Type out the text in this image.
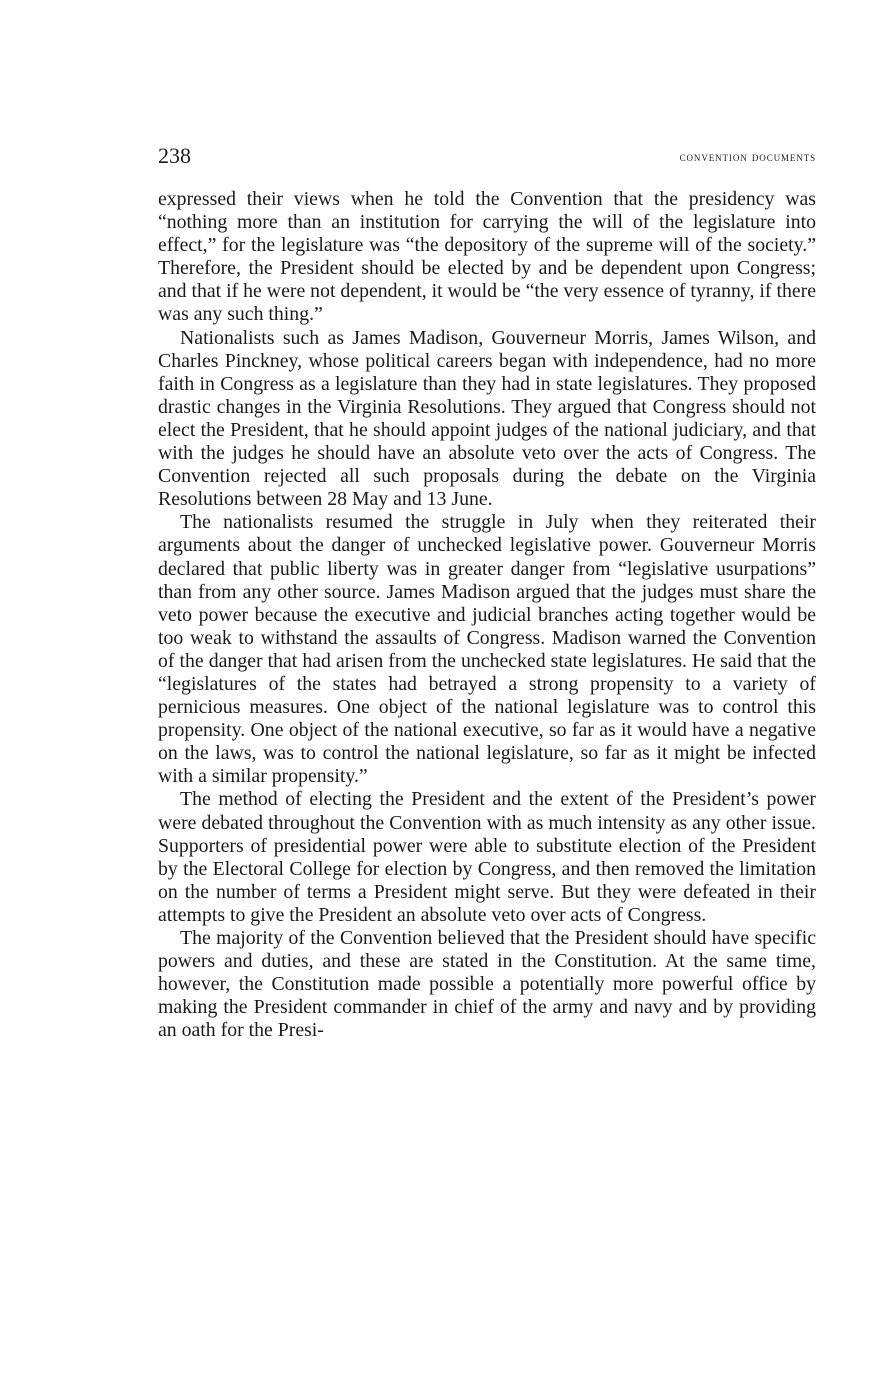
238	convention documents

expressed their views when he told the Convention that the presidency was “nothing more than an institution for carrying the will of the legislature into effect,” for the legislature was “the depository of the supreme will of the society.” Therefore, the President should be elected by and be dependent upon Congress; and that if he were not dependent, it would be “the very essence of tyranny, if there was any such thing.”

Nationalists such as James Madison, Gouverneur Morris, James Wilson, and Charles Pinckney, whose political careers began with independence, had no more faith in Congress as a legislature than they had in state legislatures. They proposed drastic changes in the Virginia Resolutions. They argued that Congress should not elect the President, that he should appoint judges of the national judiciary, and that with the judges he should have an absolute veto over the acts of Congress. The Convention rejected all such proposals during the debate on the Virginia Resolutions between 28 May and 13 June.

The nationalists resumed the struggle in July when they reiterated their arguments about the danger of unchecked legislative power. Gouverneur Morris declared that public liberty was in greater danger from “legislative usurpations” than from any other source. James Madison argued that the judges must share the veto power because the executive and judicial branches acting together would be too weak to withstand the assaults of Congress. Madison warned the Convention of the danger that had arisen from the unchecked state legislatures. He said that the “legislatures of the states had betrayed a strong propensity to a variety of pernicious measures. One object of the national legislature was to control this propensity. One object of the national executive, so far as it would have a negative on the laws, was to control the national legislature, so far as it might be infected with a similar propensity.”

The method of electing the President and the extent of the President’s power were debated throughout the Convention with as much intensity as any other issue. Supporters of presidential power were able to substitute election of the President by the Electoral College for election by Congress, and then removed the limitation on the number of terms a President might serve. But they were defeated in their attempts to give the President an absolute veto over acts of Congress.

The majority of the Convention believed that the President should have specific powers and duties, and these are stated in the Constitution. At the same time, however, the Constitution made possible a potentially more powerful office by making the President commander in chief of the army and navy and by providing an oath for the Presi-
